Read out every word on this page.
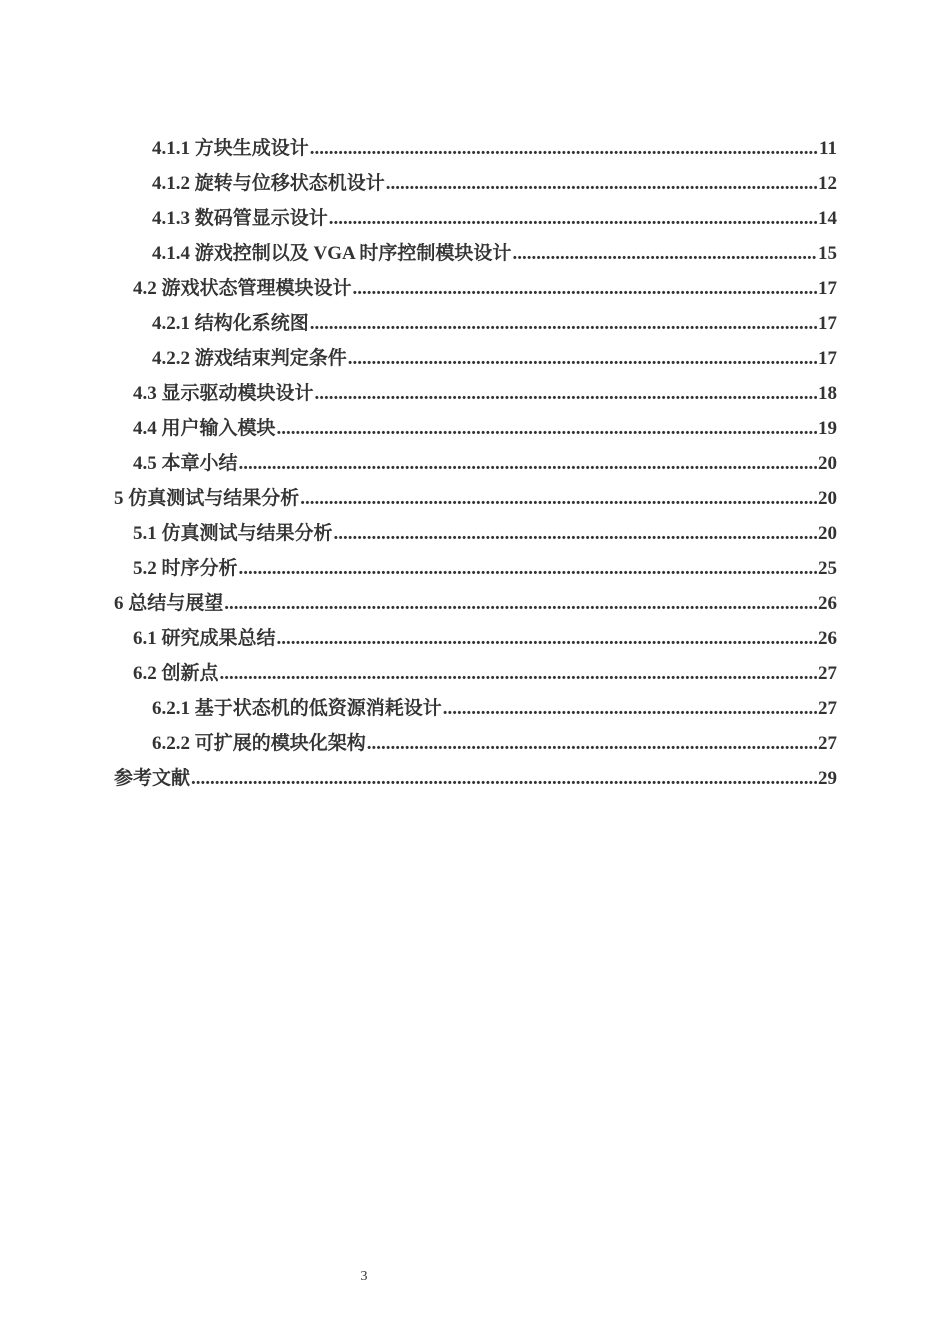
4.1.1 方块生成设计 .....	11
4.1.2 旋转与位移状态机设计 .....	12
4.1.3 数码管显示设计 .....	14
4.1.4 游戏控制以及 VGA 时序控制模块设计 .....	15
4.2 游戏状态管理模块设计 .....	17
4.2.1 结构化系统图 .....	17
4.2.2 游戏结束判定条件 .....	17
4.3 显示驱动模块设计 .....	18
4.4 用户输入模块 .....	19
4.5 本章小结 .....	20
5 仿真测试与结果分析 .....	20
5.1 仿真测试与结果分析 .....	20
5.2 时序分析 .....	25
6 总结与展望 .....	26
6.1 研究成果总结 .....	26
6.2 创新点 .....	27
6.2.1 基于状态机的低资源消耗设计 .....	27
6.2.2 可扩展的模块化架构 .....	27
参考文献 .....	29
3
